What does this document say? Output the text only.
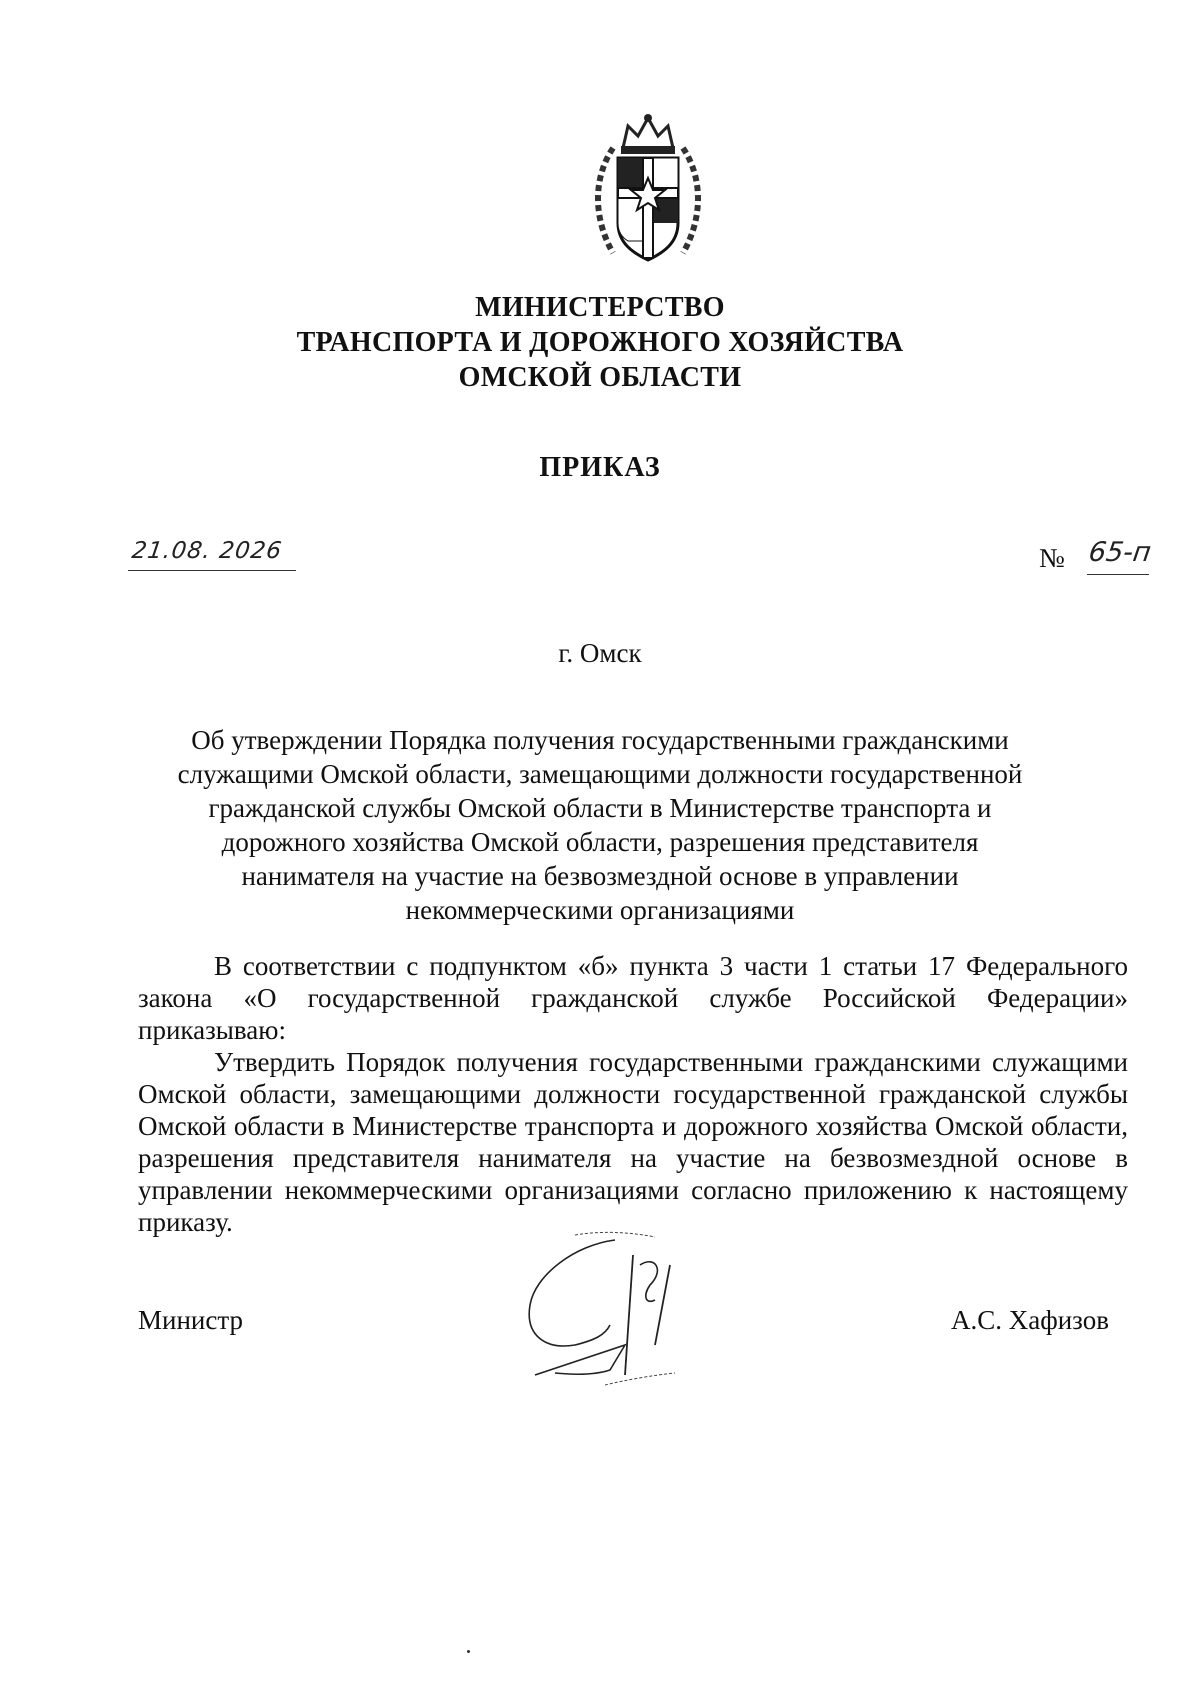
МИНИСТЕРСТВО
ТРАНСПОРТА И ДОРОЖНОГО ХОЗЯЙСТВА
ОМСКОЙ ОБЛАСТИ
ПРИКАЗ
21.08. 2026	№ 65-п
г. Омск
Об утверждении Порядка получения государственными гражданскими
служащими Омской области, замещающими должности государственной
гражданской службы Омской области в Министерстве транспорта и
дорожного хозяйства Омской области, разрешения представителя
нанимателя на участие на безвозмездной основе в управлении
некоммерческими организациями

В соответствии с подпунктом «б» пункта 3 части 1 статьи 17 Федерального закона «О государственной гражданской службе Российской Федерации» приказываю:

Утвердить Порядок получения государственными гражданскими служащими Омской области, замещающими должности государственной гражданской службы Омской области в Министерстве транспорта и дорожного хозяйства Омской области, разрешения представителя нанимателя на участие на безвозмездной основе в управлении некоммерческими организациями согласно приложению к настоящему приказу.

Министр	А.С. Хафизов
